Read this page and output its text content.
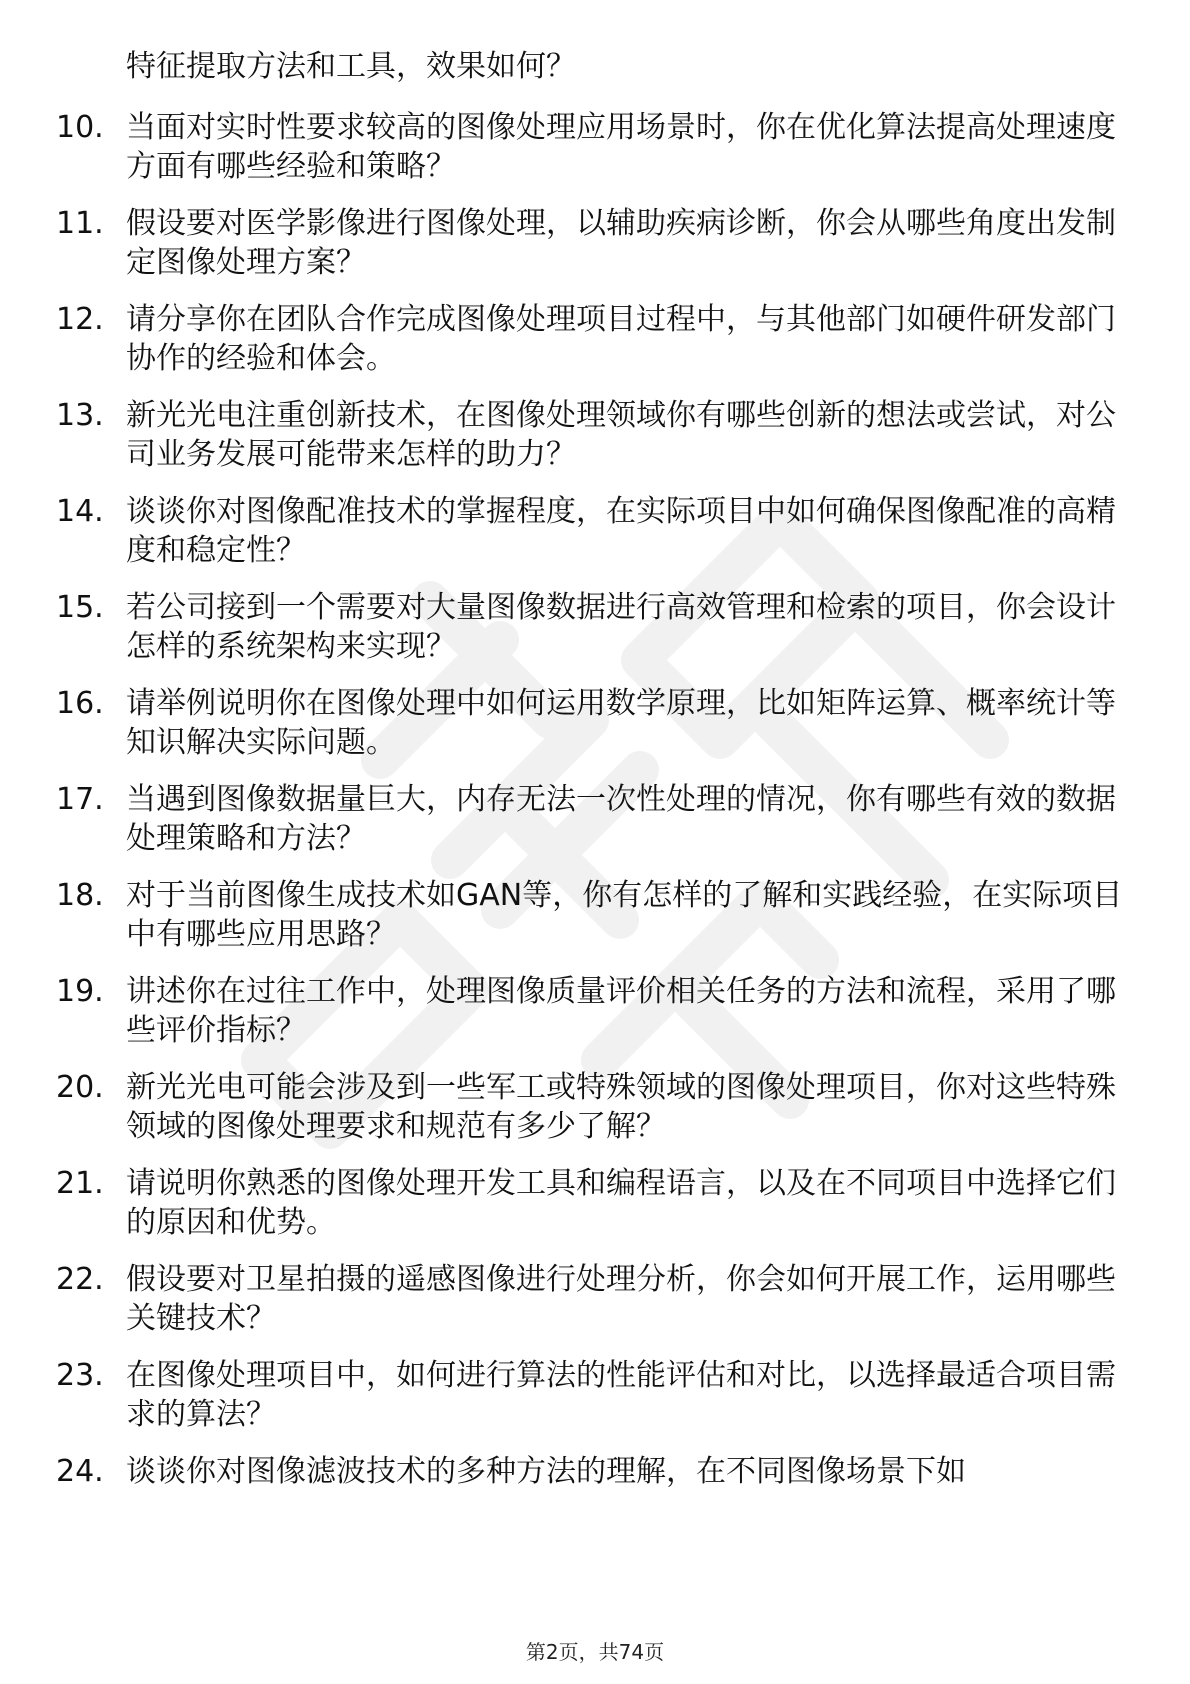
特征提取方法和工具，效果如何？
10. 当面对实时性要求较高的图像处理应用场景时，你在优化算法提高处理速度方面有哪些经验和策略？
11. 假设要对医学影像进行图像处理，以辅助疾病诊断，你会从哪些角度出发制定图像处理方案？
12. 请分享你在团队合作完成图像处理项目过程中，与其他部门如硬件研发部门协作的经验和体会。
13. 新光光电注重创新技术，在图像处理领域你有哪些创新的想法或尝试，对公司业务发展可能带来怎样的助力？
14. 谈谈你对图像配准技术的掌握程度，在实际项目中如何确保图像配准的高精度和稳定性？
15. 若公司接到一个需要对大量图像数据进行高效管理和检索的项目，你会设计怎样的系统架构来实现？
16. 请举例说明你在图像处理中如何运用数学原理，比如矩阵运算、概率统计等知识解决实际问题。
17. 当遇到图像数据量巨大，内存无法一次性处理的情况，你有哪些有效的数据处理策略和方法？
18. 对于当前图像生成技术如GAN等，你有怎样的了解和实践经验，在实际项目中有哪些应用思路？
19. 讲述你在过往工作中，处理图像质量评价相关任务的方法和流程，采用了哪些评价指标？
20. 新光光电可能会涉及到一些军工或特殊领域的图像处理项目，你对这些特殊领域的图像处理要求和规范有多少了解？
21. 请说明你熟悉的图像处理开发工具和编程语言，以及在不同项目中选择它们的原因和优势。
22. 假设要对卫星拍摄的遥感图像进行处理分析，你会如何开展工作，运用哪些关键技术？
23. 在图像处理项目中，如何进行算法的性能评估和对比，以选择最适合项目需求的算法？
24. 谈谈你对图像滤波技术的多种方法的理解，在不同图像场景下如
第2页，共74页
